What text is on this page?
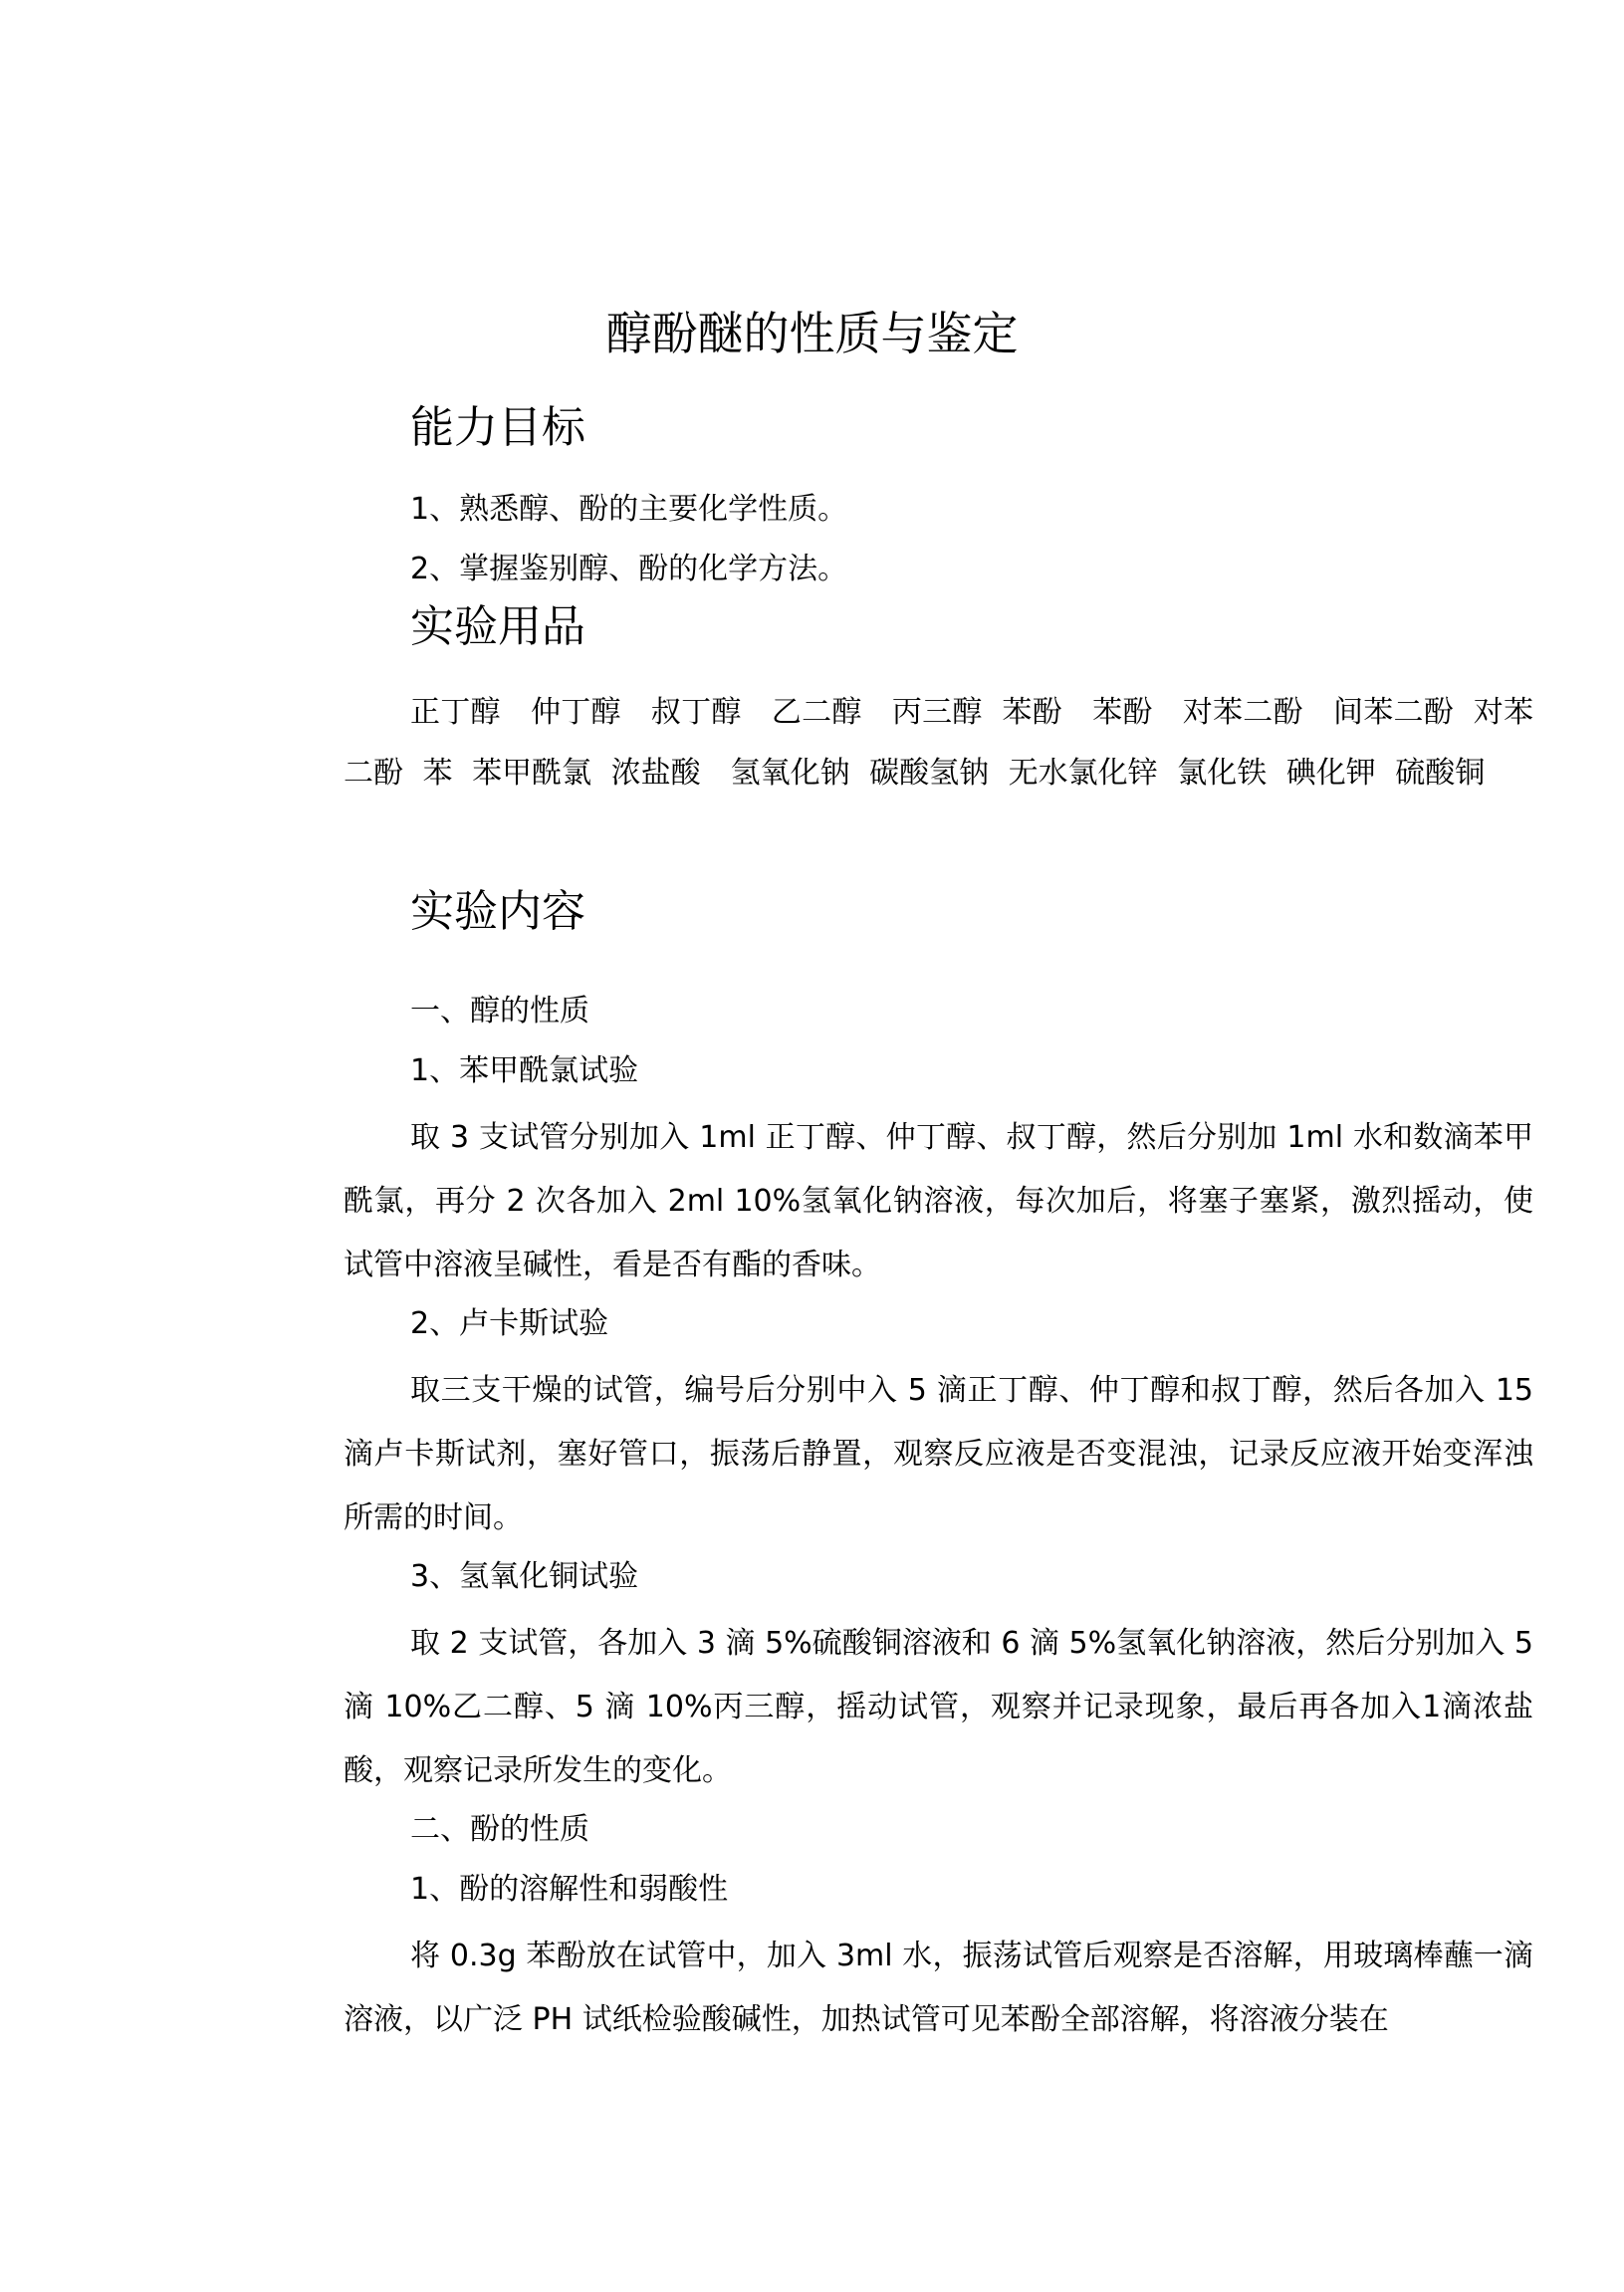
醇酚醚的性质与鉴定
能力目标
1、熟悉醇、酚的主要化学性质。
2、掌握鉴别醇、酚的化学方法。
实验用品

正丁醇　仲丁醇　叔丁醇　乙二醇　丙三醇 苯酚　苯酚　对苯二酚　间苯二酚 对苯二酚 苯 苯甲酰氯 浓盐酸　氢氧化钠 碳酸氢钠 无水氯化锌 氯化铁 碘化钾 硫酸铜

实验内容
一、醇的性质
1、苯甲酰氯试验

取 3 支试管分别加入 1ml 正丁醇、仲丁醇、叔丁醇，然后分别加 1ml 水和数滴苯甲酰氯，再分 2 次各加入 2ml 10%氢氧化钠溶液，每次加后，将塞子塞紧，激烈摇动，使试管中溶液呈碱性，看是否有酯的香味。

2、卢卡斯试验

取三支干燥的试管，编号后分别中入 5 滴正丁醇、仲丁醇和叔丁醇，然后各加入 15 滴卢卡斯试剂，塞好管口，振荡后静置，观察反应液是否变混浊，记录反应液开始变浑浊所需的时间。

3、氢氧化铜试验

取 2 支试管，各加入 3 滴 5%硫酸铜溶液和 6 滴 5%氢氧化钠溶液，然后分别加入 5 滴 10%乙二醇、5 滴 10%丙三醇，摇动试管，观察并记录现象，最后再各加入1滴浓盐酸，观察记录所发生的变化。

二、酚的性质
1、酚的溶解性和弱酸性

将 0.3g 苯酚放在试管中，加入 3ml 水，振荡试管后观察是否溶解，用玻璃棒蘸一滴溶液，以广泛 PH 试纸检验酸碱性，加热试管可见苯酚全部溶解，将溶液分装在
